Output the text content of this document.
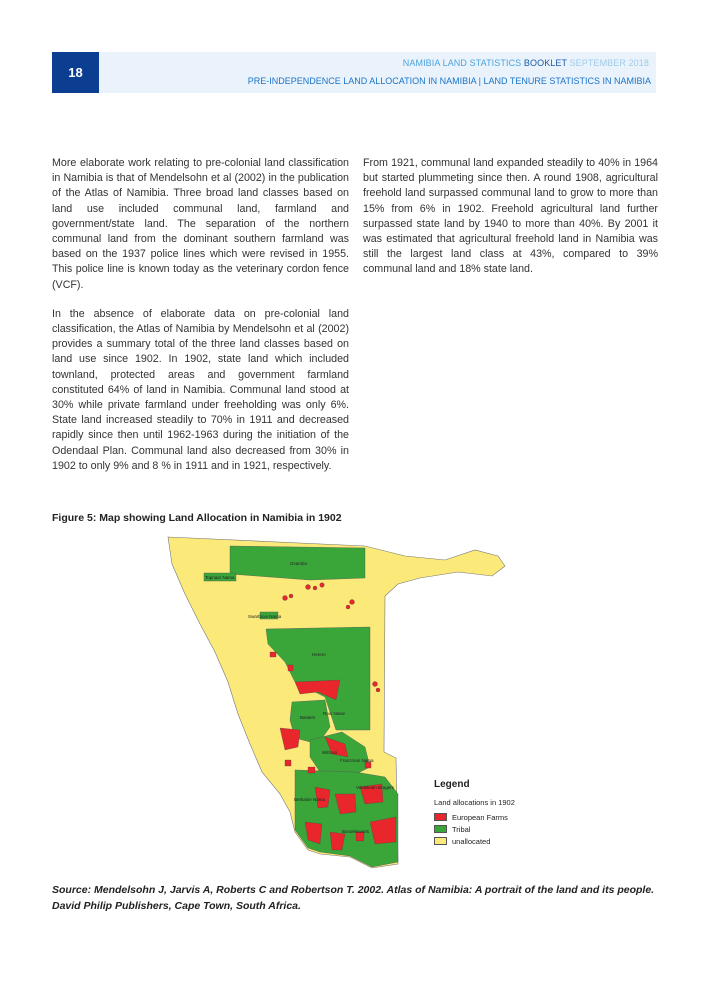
18
NAMIBIA LAND STATISTICS BOOKLET SEPTEMBER 2018
PRE-INDEPENDENCE LAND ALLOCATION IN NAMIBIA | LAND TENURE STATISTICS IN NAMIBIA

More elaborate work relating to pre-colonial land classification in Namibia is that of Mendelsohn et al (2002) in the publication of the Atlas of Namibia. Three broad land classes based on land use included communal land, farmland and government/state land. The separation of the northern communal land from the dominant southern farmland was based on the 1937 police lines which were revised in 1955. This police line is known today as the veterinary cordon fence (VCF).

In the absence of elaborate data on pre-colonial land classification, the Atlas of Namibia by Mendelsohn et al (2002) provides a summary total of the three land classes based on land use since 1902. In 1902, state land which included townland, protected areas and government farmland constituted 64% of land in Namibia. Communal land stood at 30% while private farmland under freeholding was only 6%. State land increased steadily to 70% in 1911 and decreased rapidly since then until 1962-1963 during the initiation of the Odendaal Plan. Communal land also decreased from 30% in 1902 to only 9% and 8 % in 1911 and in 1921, respectively.

From 1921, communal land expanded steadily to 40% in 1964 but started plummeting since then. A round 1908, agricultural freehold land surpassed communal land to grow to more than 15% from 6% in 1902. Freehold agricultural land further surpassed state land by 1940 to more than 40%. By 2001 it was estimated that agricultural freehold land in Namibia was still the largest land class at 43%, compared to 39% communal land and 18% state land.

Figure 5: Map showing Land Allocation in Namibia in 1902
Ovambo
Topnaar Nama
Swartbooi Nama
Herero
Rooi Nasie
Basters
Witbooi
Franzman Nama
Veldskoen Dragers
Bethanie Nama
Bondelswarts
Legend
Land allocations in 1902
European Farms
Tribal
unallocated
Source: Mendelsohn J, Jarvis A, Roberts C and Robertson T. 2002. Atlas of Namibia: A portrait of the land and its people. David Philip Publishers, Cape Town, South Africa.
